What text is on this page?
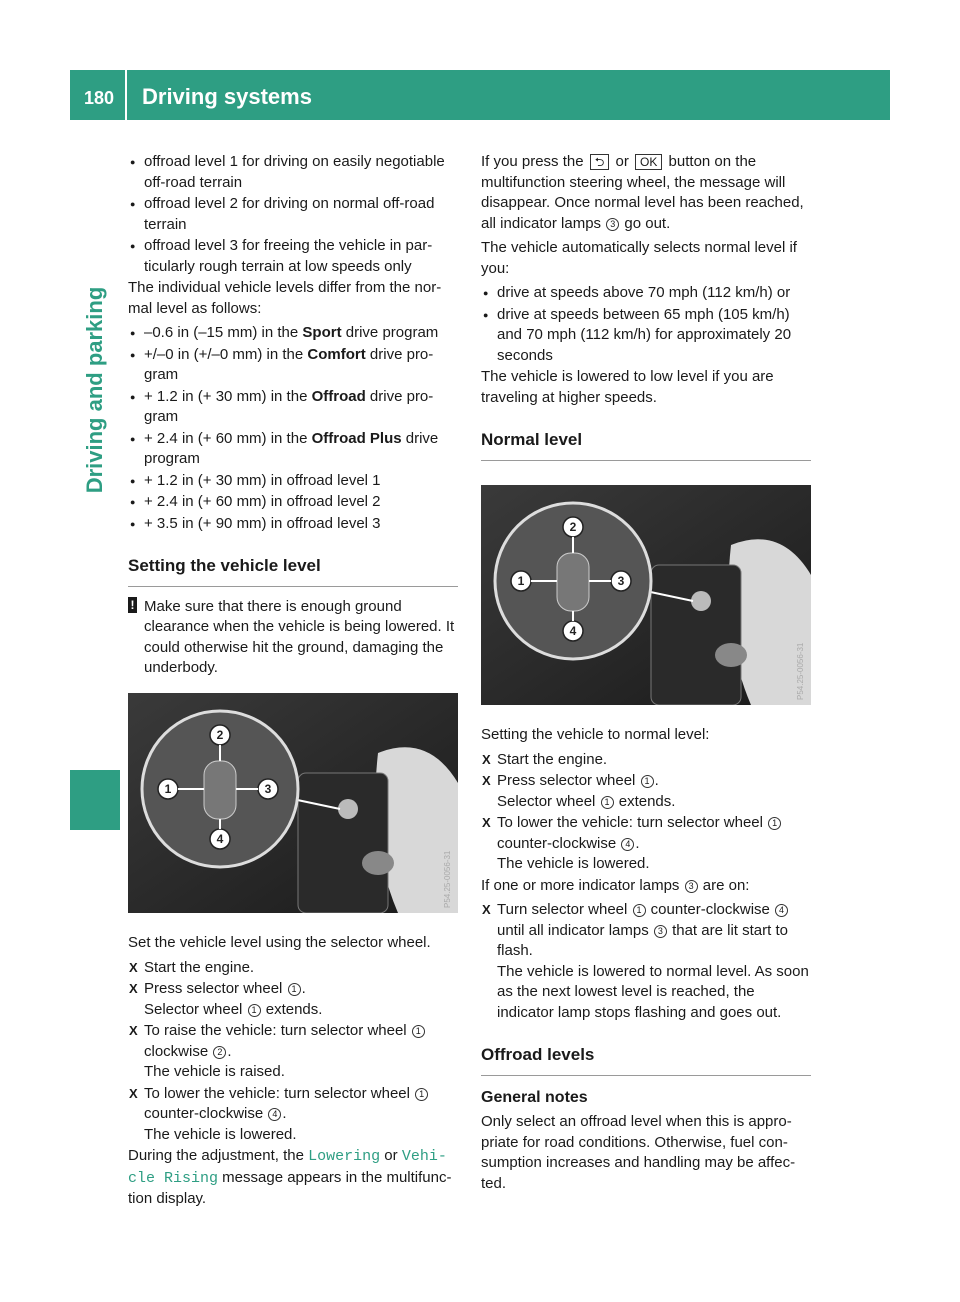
180 Driving systems
Driving and parking
● offroad level 1 for driving on easily negotiable off-road terrain
● offroad level 2 for driving on normal off-road terrain
● offroad level 3 for freeing the vehicle in par-ticularly rough terrain at low speeds only

The individual vehicle levels differ from the nor-mal level as follows:

● –0.6 in (–15 mm) in the Sport drive program
● +/–0 in (+/–0 mm) in the Comfort drive pro-gram
● + 1.2 in (+ 30 mm) in the Offroad drive pro-gram
● + 2.4 in (+ 60 mm) in the Offroad Plus drive program
● + 1.2 in (+ 30 mm) in offroad level 1
● + 2.4 in (+ 60 mm) in offroad level 2
● + 3.5 in (+ 90 mm) in offroad level 3
Setting the vehicle level
! Make sure that there is enough ground clearance when the vehicle is being lowered. It could otherwise hit the ground, damaging the underbody.
2
1	3
4
P54.25-0056-31

Set the vehicle level using the selector wheel.

X Start the engine.
X Press selector wheel 1 .
Selector wheel 1 extends.
X To raise the vehicle: turn selector wheel 1 clockwise 2 .
The vehicle is raised.
X To lower the vehicle: turn selector wheel 1 counter-clockwise 4 .
The vehicle is lowered.

During the adjustment, the Lowering or Vehi‐cle Rising message appears in the multifunc-tion display.

If you press the ⮌ or OK button on the multifunction steering wheel, the message will disappear. Once normal level has been reached, all indicator lamps 3 go out.

The vehicle automatically selects normal level if you:

● drive at speeds above 70 mph (112 km/h) or
● drive at speeds between 65 mph (105 km/h) and 70 mph (112 km/h) for approximately 20 seconds

The vehicle is lowered to low level if you are traveling at higher speeds.

Normal level
2
1	3
4
P54.25-0056-31

Setting the vehicle to normal level:

X Start the engine.
X Press selector wheel 1 .
Selector wheel 1 extends.
X To lower the vehicle: turn selector wheel 1 counter-clockwise 4 .
The vehicle is lowered.

If one or more indicator lamps 3 are on:

X Turn selector wheel 1 counter-clockwise 4 until all indicator lamps 3 that are lit start to flash.
The vehicle is lowered to normal level. As soon as the next lowest level is reached, the indicator lamp stops flashing and goes out.
Offroad levels
General notes

Only select an offroad level when this is appro-priate for road conditions. Otherwise, fuel con-sumption increases and handling may be affec-ted.
